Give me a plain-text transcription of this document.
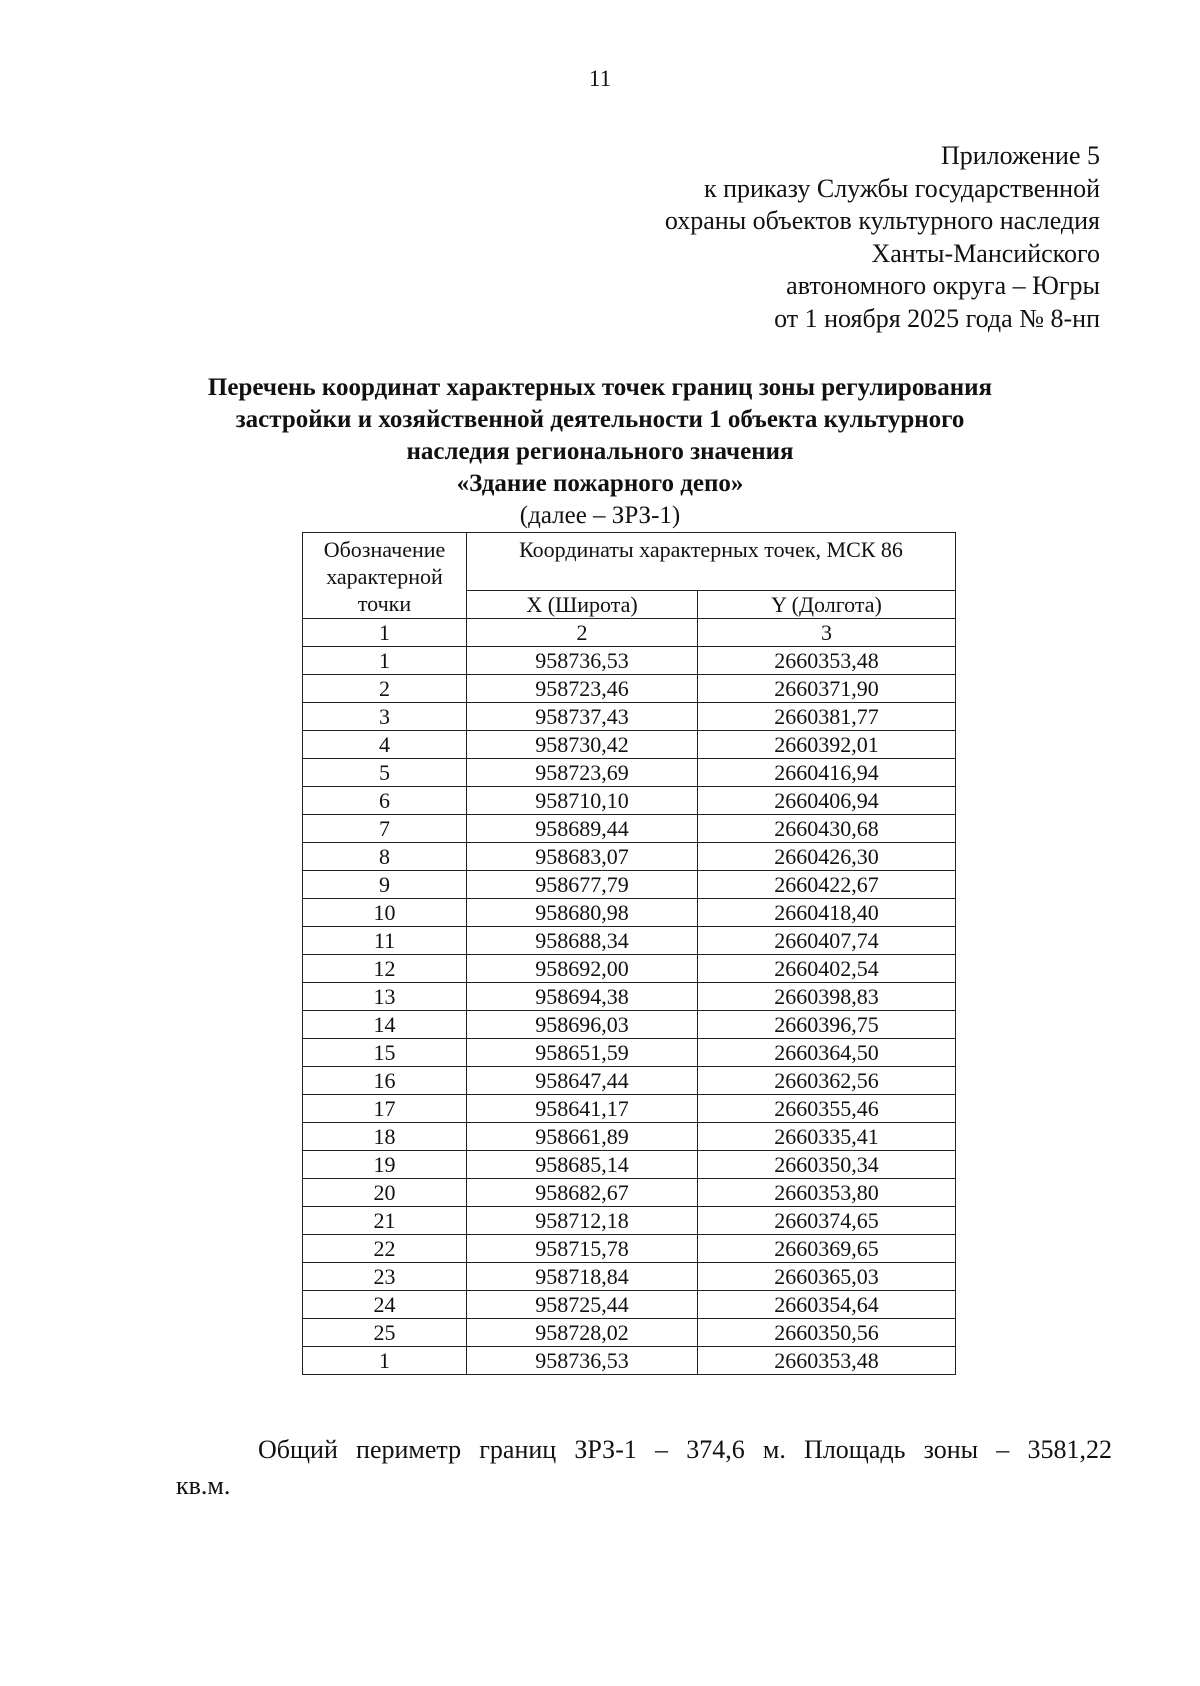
11
Приложение 5
к приказу Службы государственной
охраны объектов культурного наследия
Ханты-Мансийского
автономного округа – Югры
от 1 ноября 2025 года № 8-нп
Перечень координат характерных точек границ зоны регулирования
застройки и хозяйственной деятельности 1 объекта культурного
наследия регионального значения
«Здание пожарного депо»
(далее – ЗРЗ-1)
Обозначение характерной точки	Координаты характерных точек, МСК 86	
	X (Широта)	Y (Долгота)
1	2	3
1	958736,53	2660353,48
2	958723,46	2660371,90
3	958737,43	2660381,77
4	958730,42	2660392,01
5	958723,69	2660416,94
6	958710,10	2660406,94
7	958689,44	2660430,68
8	958683,07	2660426,30
9	958677,79	2660422,67
10	958680,98	2660418,40
11	958688,34	2660407,74
12	958692,00	2660402,54
13	958694,38	2660398,83
14	958696,03	2660396,75
15	958651,59	2660364,50
16	958647,44	2660362,56
17	958641,17	2660355,46
18	958661,89	2660335,41
19	958685,14	2660350,34
20	958682,67	2660353,80
21	958712,18	2660374,65
22	958715,78	2660369,65
23	958718,84	2660365,03
24	958725,44	2660354,64
25	958728,02	2660350,56
1	958736,53	2660353,48
Общий периметр границ ЗРЗ-1 – 374,6 м. Площадь зоны – 3581,22
кв.м.
